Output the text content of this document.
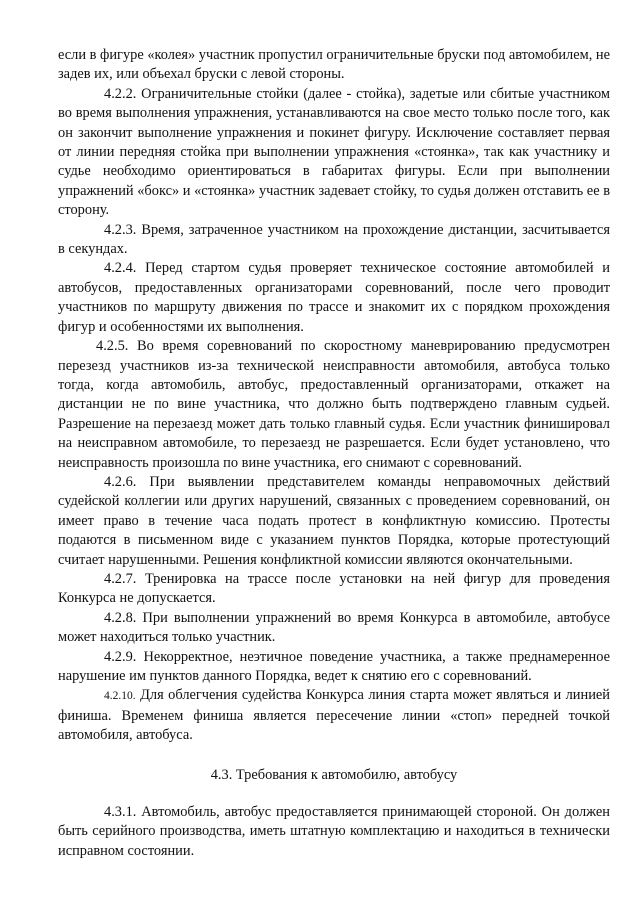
если в фигуре «колея» участник пропустил ограничительные бруски под автомобилем, не задев их, или объехал бруски с левой стороны.

4.2.2. Ограничительные стойки (далее - стойка), задетые или сбитые участником во время выполнения упражнения, устанавливаются на свое место только после того, как он закончит выполнение упражнения и покинет фигуру. Исключение составляет первая от линии передняя стойка при выполнении упражнения «стоянка», так как участнику и судье необходимо ориентироваться в габаритах фигуры. Если при выполнении упражнений «бокс» и «стоянка» участник задевает стойку, то судья должен отставить ее в сторону.

4.2.3. Время, затраченное участником на прохождение дистанции, засчитывается в секундах.

4.2.4. Перед стартом судья проверяет техническое состояние автомобилей и автобусов, предоставленных организаторами соревнований, после чего проводит участников по маршруту движения по трассе и знакомит их с порядком прохождения фигур и особенностями их выполнения.

4.2.5. Во время соревнований по скоростному маневрированию предусмотрен перезезд участников из-за технической неисправности автомобиля, автобуса только тогда, когда автомобиль, автобус, предоставленный организаторами, откажет на дистанции не по вине участника, что должно быть подтверждено главным судьей. Разрешение на перезаезд может дать только главный судья. Если участник финишировал на неисправном автомобиле, то перезаезд не разрешается. Если будет установлено, что неисправность произошла по вине участника, его снимают с соревнований.

4.2.6. При выявлении представителем команды неправомочных действий судейской коллегии или других нарушений, связанных с проведением соревнований, он имеет право в течение часа подать протест в конфликтную комиссию. Протесты подаются в письменном виде с указанием пунктов Порядка, которые протестующий считает нарушенными. Решения конфликтной комиссии являются окончательными.

4.2.7. Тренировка на трассе после установки на ней фигур для проведения Конкурса не допускается.

4.2.8. При выполнении упражнений во время Конкурса в автомобиле, автобусе может находиться только участник.

4.2.9. Некорректное, неэтичное поведение участника, а также преднамеренное нарушение им пунктов данного Порядка, ведет к снятию его с соревнований.

4.2.10. Для облегчения судейства Конкурса линия старта может являться и линией финиша. Временем финиша является пересечение линии «стоп» передней точкой автомобиля, автобуса.

4.3. Требования к автомобилю, автобусу

4.3.1. Автомобиль, автобус предоставляется принимающей стороной. Он должен быть серийного производства, иметь штатную комплектацию и находиться в технически исправном состоянии.
